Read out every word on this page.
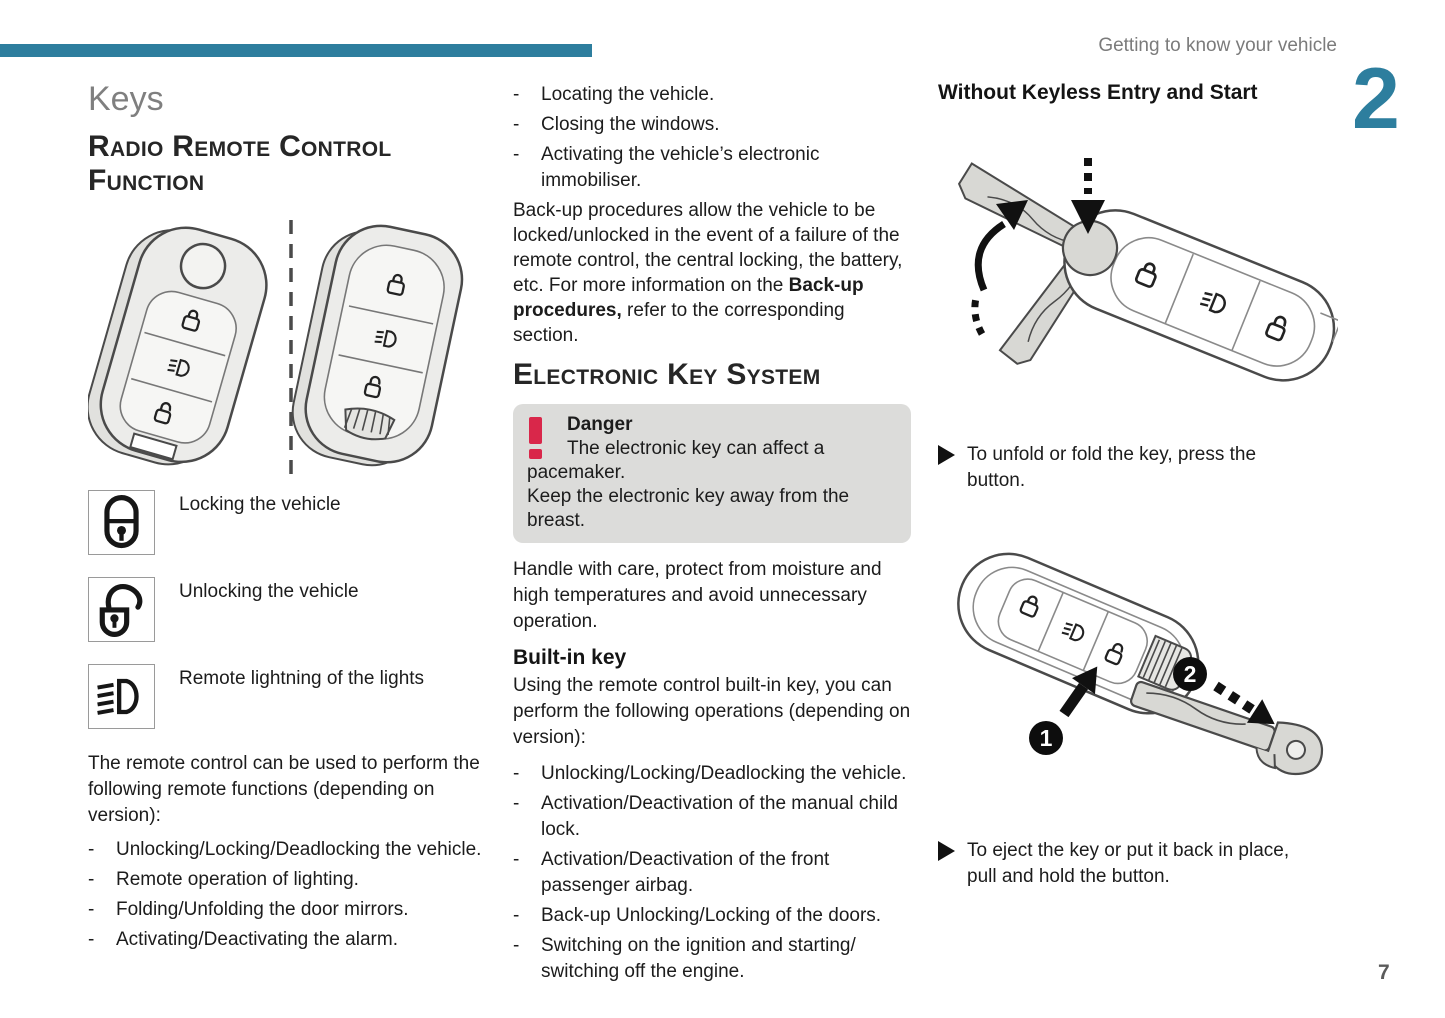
Getting to know your vehicle
2
7
Keys
Radio Remote Control Function
Locking the vehicle
Unlocking the vehicle
Remote lightning of the lights

The remote control can be used to perform the following remote functions (depending on version):

-	Unlocking/Locking/Deadlocking the vehicle.
-	Remote operation of lighting.
-	Folding/Unfolding the door mirrors.
-	Activating/Deactivating the alarm.
-	Locating the vehicle.
-	Closing the windows.
-	Activating the vehicle’s electronic immobiliser.

Back-up procedures allow the vehicle to be locked/unlocked in the event of a failure of the remote control, the central locking, the battery, etc. For more information on the Back-up procedures, refer to the corresponding section.

Electronic Key System
Danger
The electronic key can affect a
pacemaker.
Keep the electronic key away from the breast.

Handle with care, protect from moisture and high temperatures and avoid unnecessary operation.

Built-in key

Using the remote control built-in key, you can perform the following operations (depending on version):

-	Unlocking/Locking/Deadlocking the vehicle.
-	Activation/Deactivation of the manual child lock.
-	Activation/Deactivation of the front passenger airbag.
-	Back-up Unlocking/Locking of the doors.
-	Switching on the ignition and starting/switching off the engine.
Without Keyless Entry and Start
To unfold or fold the key, press the button.
1
2
To eject the key or put it back in place, pull and hold the button.
